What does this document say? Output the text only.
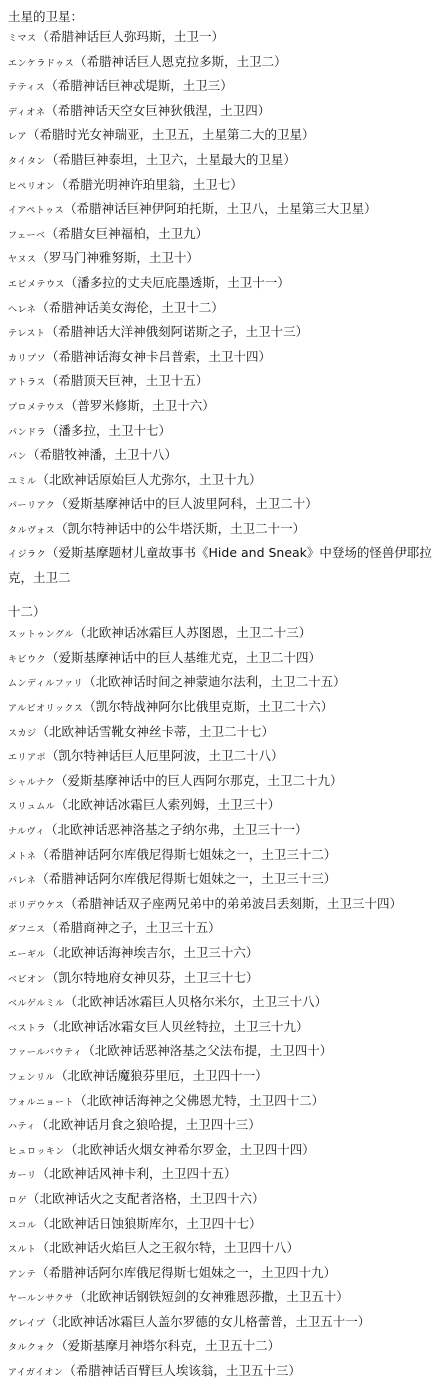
土星的卫星：
ミマス（希腊神话巨人弥玛斯，土卫一）
エンケラドゥス（希腊神话巨人恩克拉多斯，土卫二）
テティス（希腊神话巨神忒堤斯，土卫三）
ディオネ（希腊神话天空女巨神狄俄涅，土卫四）
レア（希腊时光女神瑞亚，土卫五，土星第二大的卫星）
タイタン（希腊巨神泰坦，土卫六，土星最大的卫星）
ヒペリオン（希腊光明神许珀里翁，土卫七）
イアペトゥス（希腊神话巨神伊阿珀托斯，土卫八，土星第三大卫星）
フェーベ（希腊女巨神福柏，土卫九）
ヤヌス（罗马门神雅努斯，土卫十）
エピメテウス（潘多拉的丈夫厄庇墨透斯，土卫十一）
ヘレネ（希腊神话美女海伦，土卫十二）
テレスト（希腊神话大洋神俄刻阿诺斯之子，土卫十三）
カリプソ（希腊神话海女神卡吕普索，土卫十四）
アトラス（希腊顶天巨神，土卫十五）
プロメテウス（普罗米修斯，土卫十六）
パンドラ（潘多拉，土卫十七）
パン（希腊牧神潘，土卫十八）
ユミル（北欧神话原始巨人尤弥尔，土卫十九）
パーリアク（爱斯基摩神话中的巨人波里阿科，土卫二十）
タルヴォス（凯尔特神话中的公牛塔沃斯，土卫二十一）
イジラク（爱斯基摩题材儿童故事书《Hide and Sneak》中登场的怪兽伊耶拉克，土卫二
十二）
スットゥングル（北欧神话冰霜巨人苏图恩，土卫二十三）
キビウク（爱斯基摩神话中的巨人基维尤克，土卫二十四）
ムンディルファリ（北欧神话时间之神蒙迪尔法利，土卫二十五）
アルビオリックス（凯尔特战神阿尔比俄里克斯，土卫二十六）
スカジ（北欧神话雪靴女神丝卡蒂，土卫二十七）
エリアポ（凯尔特神话巨人厄里阿波，土卫二十八）
シャルナク（爱斯基摩神话中的巨人西阿尔那克，土卫二十九）
スリュムル（北欧神话冰霜巨人索列姆，土卫三十）
ナルヴィ（北欧神话恶神洛基之子纳尔弗，土卫三十一）
メトネ（希腊神话阿尔库俄尼得斯七姐妹之一，土卫三十二）
パレネ（希腊神话阿尔库俄尼得斯七姐妹之一，土卫三十三）
ポリデウケス（希腊神话双子座两兄弟中的弟弟波吕丢刻斯，土卫三十四）
ダフニス（希腊商神之子，土卫三十五）
エーギル（北欧神话海神埃吉尔，土卫三十六）
ベビオン（凯尔特地府女神贝芬，土卫三十七）
ベルゲルミル（北欧神话冰霜巨人贝格尔米尔，土卫三十八）
ベストラ（北欧神话冰霜女巨人贝丝特拉，土卫三十九）
ファールバウティ（北欧神话恶神洛基之父法布提，土卫四十）
フェンリル（北欧神话魔狼芬里厄，土卫四十一）
フォルニョート（北欧神话海神之父佛恩尤特，土卫四十二）
ハティ（北欧神话月食之狼哈提，土卫四十三）
ヒュロッキン（北欧神话火烟女神希尔罗金，土卫四十四）
カーリ（北欧神话风神卡利，土卫四十五）
ロゲ（北欧神话火之支配者洛格，土卫四十六）
スコル（北欧神话日蚀狼斯库尔，土卫四十七）
スルト（北欧神话火焰巨人之王叙尔特，土卫四十八）
アンテ（希腊神话阿尔库俄尼得斯七姐妹之一，土卫四十九）
ヤールンサクサ（北欧神话钢铁短剑的女神雅恩莎撒，土卫五十）
グレイプ（北欧神话冰霜巨人盖尔罗德的女儿格蕾普，土卫五十一）
タルクォク（爱斯基摩月神塔尔科克，土卫五十二）
アイガイオン（希腊神话百臂巨人埃该翁，土卫五十三）
